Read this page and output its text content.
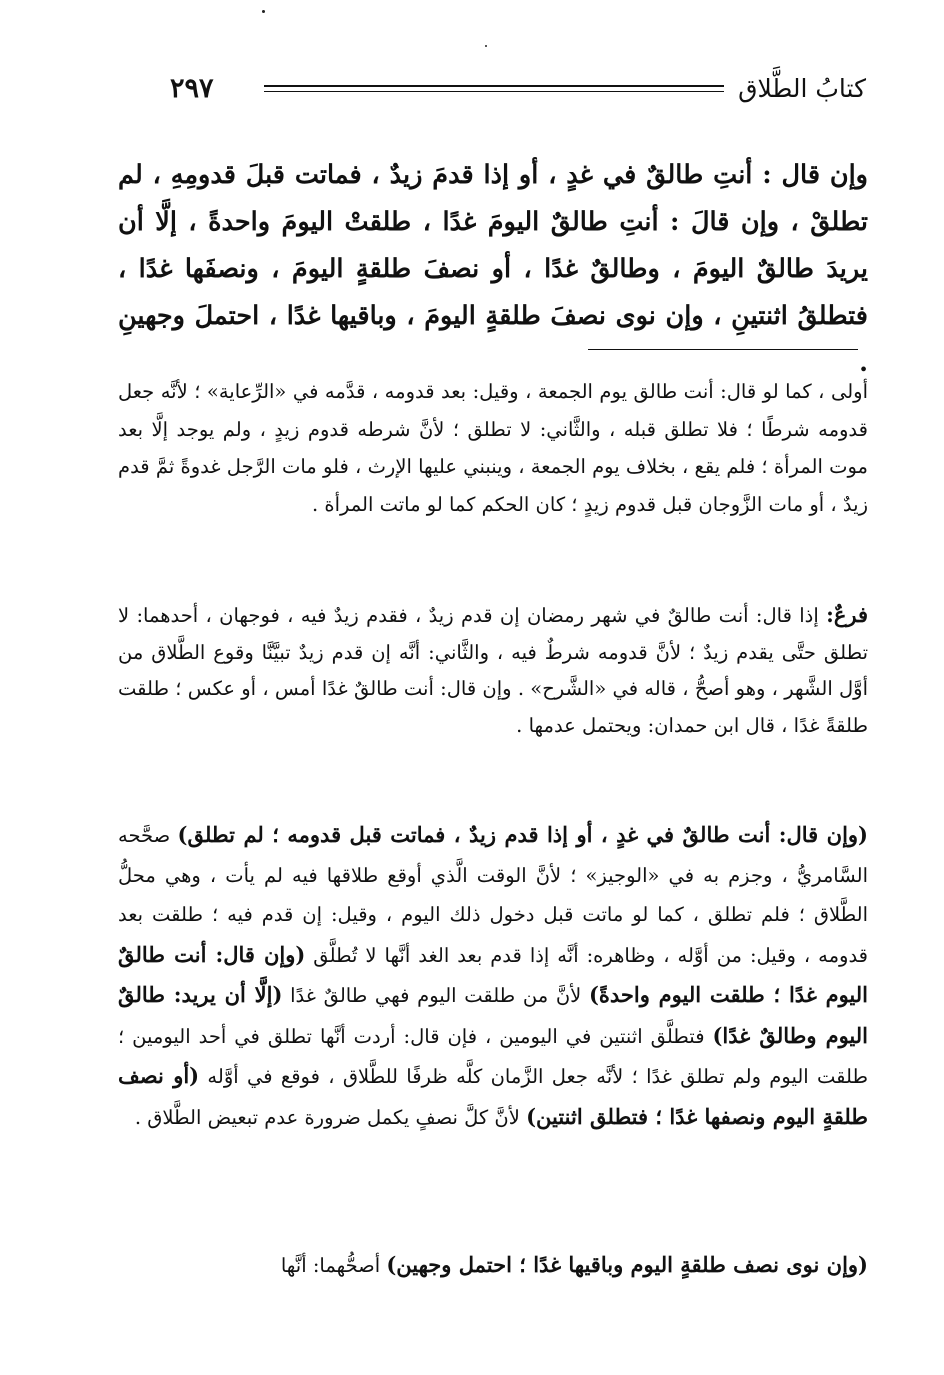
٢٩٧	كتابُ الطَّلاق

وإن قال : أنتِ طالقٌ في غدٍ ، أو إذا قدمَ زيدٌ ، فماتت قبلَ قدومِهِ ، لم تطلقْ ، وإن قالَ : أنتِ طالقٌ اليومَ غدًا ، طلقتْ اليومَ واحدةً ، إلَّا أن يريدَ طالقٌ اليومَ ، وطالقٌ غدًا ، أو نصفَ طلقةٍ اليومَ ، ونصفَها غدًا ، فتطلقُ اثنتينِ ، وإن نوى نصفَ طلقةٍ اليومَ ، وباقيها غدًا ، احتملَ وجهينِ .

أولى ، كما لو قال: أنت طالق يوم الجمعة ، وقيل: بعد قدومه ، قدَّمه في «الرِّعاية» ؛ لأنَّه جعل قدومه شرطًا ؛ فلا تطلق قبله ، والثَّاني: لا تطلق ؛ لأنَّ شرطه قدوم زيدٍ ، ولم يوجد إلَّا بعد موت المرأة ؛ فلم يقع ، بخلاف يوم الجمعة ، وينبني عليها الإرث ، فلو مات الرَّجل غدوةً ثمَّ قدم زيدٌ ، أو مات الزَّوجان قبل قدوم زيدٍ ؛ كان الحكم كما لو ماتت المرأة .

فرعٌ: إذا قال: أنت طالقٌ في شهر رمضان إن قدم زيدٌ ، فقدم زيدٌ فيه ، فوجهان ، أحدهما: لا تطلق حتَّى يقدم زيدٌ ؛ لأنَّ قدومه شرطٌ فيه ، والثَّاني: أنَّه إن قدم زيدٌ تبيَّنَّا وقوع الطَّلاق من أوَّل الشَّهر ، وهو أصحُّ ، قاله في «الشَّرح» . وإن قال: أنت طالقٌ غدًا أمس ، أو عكس ؛ طلقت طلقةً غدًا ، قال ابن حمدان: ويحتمل عدمها .

(وإن قال: أنت طالقٌ في غدٍ ، أو إذا قدم زيدٌ ، فماتت قبل قدومه ؛ لم تطلق) صحَّحه السَّامريُّ ، وجزم به في «الوجيز» ؛ لأنَّ الوقت الَّذي أوقع طلاقها فيه لم يأت ، وهي محلُّ الطَّلاق ؛ فلم تطلق ، كما لو ماتت قبل دخول ذلك اليوم ، وقيل: إن قدم فيه ؛ طلقت بعد قدومه ، وقيل: من أوَّله ، وظاهره: أنَّه إذا قدم بعد الغد أنَّها لا تُطلَّق (وإن قال: أنت طالقٌ اليوم غدًا ؛ طلقت اليوم واحدةً) لأنَّ من طلقت اليوم فهي طالقٌ غدًا (إلَّا أن يريد: طالقٌ اليوم وطالقٌ غدًا) فتطلَّق اثنتين في اليومين ، فإن قال: أردت أنَّها تطلق في أحد اليومين ؛ طلقت اليوم ولم تطلق غدًا ؛ لأنَّه جعل الزَّمان كلَّه ظرفًا للطَّلاق ، فوقع في أوَّله (أو نصف طلقةٍ اليوم ونصفها غدًا ؛ فتطلق اثنتين) لأنَّ كلَّ نصفٍ يكمل ضرورة عدم تبعيض الطَّلاق .

(وإن نوى نصف طلقةٍ اليوم وباقيها غدًا ؛ احتمل وجهين) أصحُّهما: أنَّها
